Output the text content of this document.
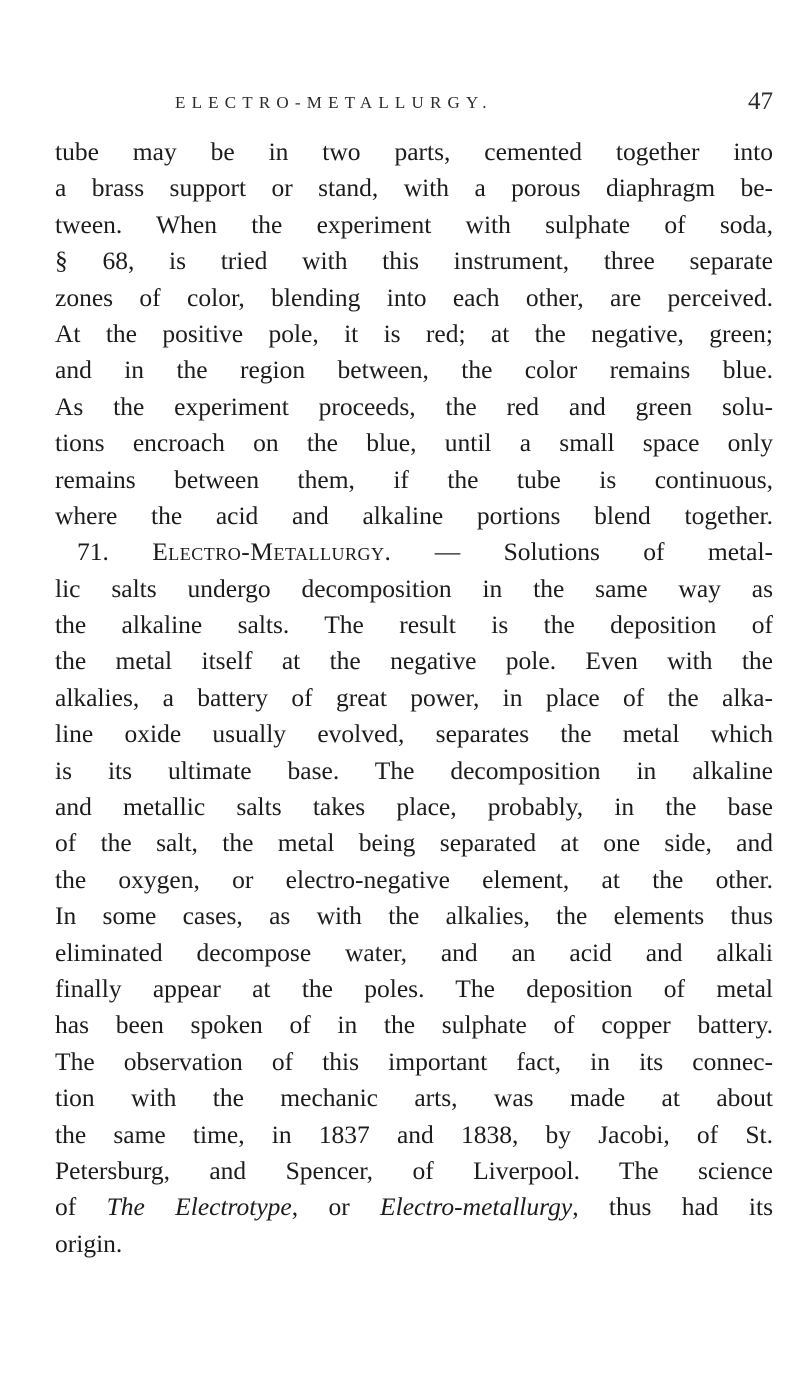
ELECTRO-METALLURGY.	47
tube may be in two parts, cemented together into
a brass support or stand, with a porous diaphragm be-
tween. When the experiment with sulphate of soda,
§ 68, is tried with this instrument, three separate
zones of color, blending into each other, are perceived.
At the positive pole, it is red; at the negative, green;
and in the region between, the color remains blue.
As the experiment proceeds, the red and green solu-
tions encroach on the blue, until a small space only
remains between them, if the tube is continuous,
where the acid and alkaline portions blend together.
71. Electro-Metallurgy. — Solutions of metal-
lic salts undergo decomposition in the same way as
the alkaline salts. The result is the deposition of
the metal itself at the negative pole. Even with the
alkalies, a battery of great power, in place of the alka-
line oxide usually evolved, separates the metal which
is its ultimate base. The decomposition in alkaline
and metallic salts takes place, probably, in the base
of the salt, the metal being separated at one side, and
the oxygen, or electro-negative element, at the other.
In some cases, as with the alkalies, the elements thus
eliminated decompose water, and an acid and alkali
finally appear at the poles. The deposition of metal
has been spoken of in the sulphate of copper battery.
The observation of this important fact, in its connec-
tion with the mechanic arts, was made at about
the same time, in 1837 and 1838, by Jacobi, of St.
Petersburg, and Spencer, of Liverpool. The science
of The Electrotype, or Electro-metallurgy, thus had its
origin.
